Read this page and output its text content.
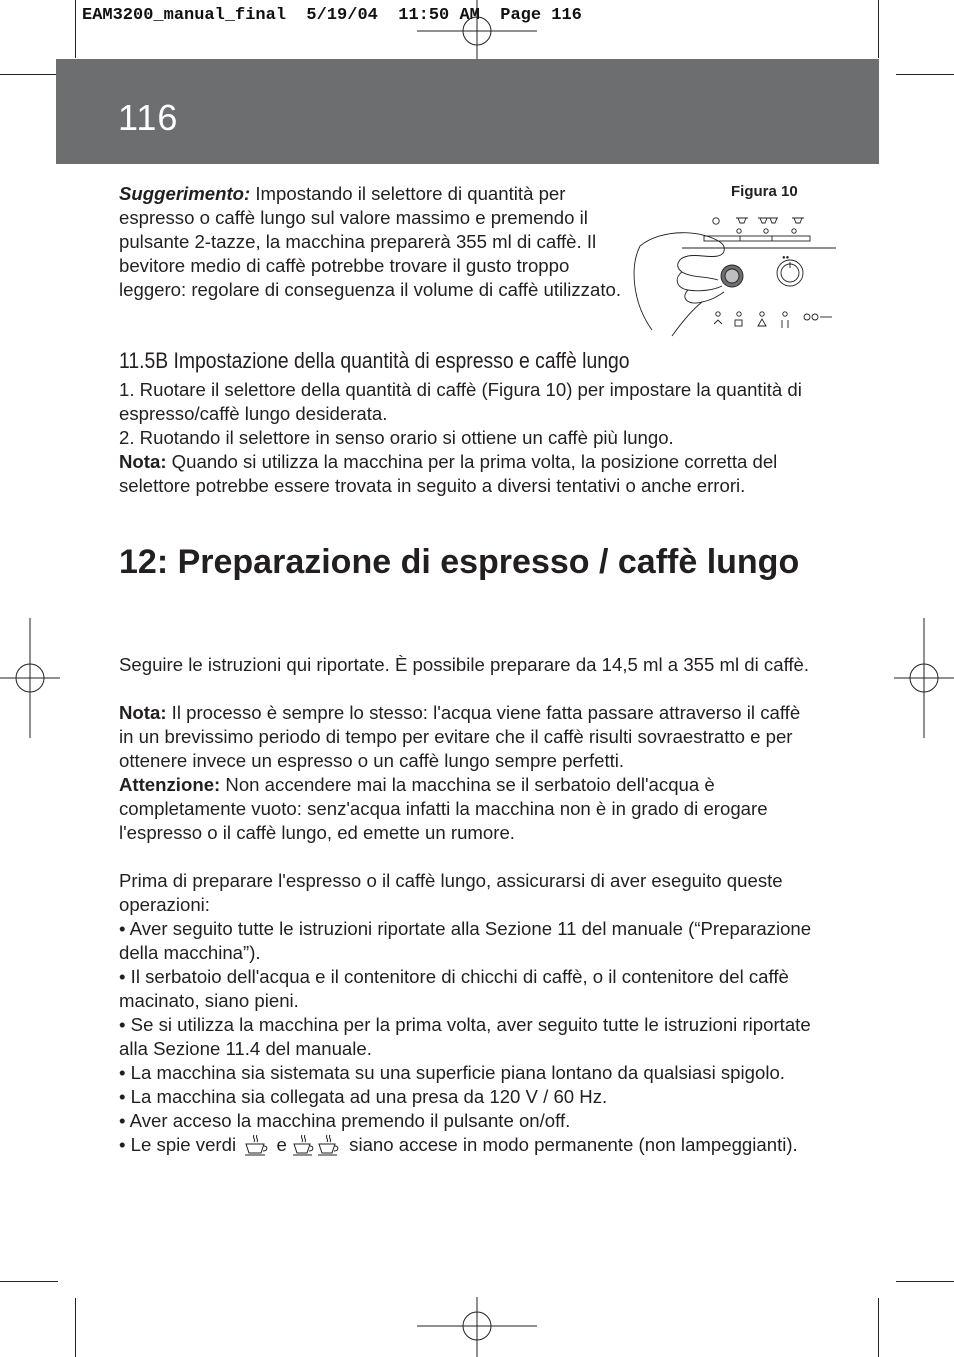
EAM3200_manual_final  5/19/04  11:50 AM  Page 116
116

Suggerimento: Impostando il selettore di quantità per espresso o caffè lungo sul valore massimo e premendo il pulsante 2-tazze, la macchina preparerà 355 ml di caffè. Il bevitore medio di caffè potrebbe trovare il gusto troppo leggero: regolare di conseguenza il volume di caffè utilizzato.

Figura 10
●●
11.5B Impostazione della quantità di espresso e caffè lungo

1. Ruotare il selettore della quantità di caffè (Figura 10) per impostare la quantità di espresso/caffè lungo desiderata.

2. Ruotando il selettore in senso orario si ottiene un caffè più lungo.

Nota: Quando si utilizza la macchina per la prima volta, la posizione corretta del selettore potrebbe essere trovata in seguito a diversi tentativi o anche errori.

12: Preparazione di espresso / caffè lungo

Seguire le istruzioni qui riportate. È possibile preparare da 14,5 ml a 355 ml di caffè.

Nota: Il processo è sempre lo stesso: l'acqua viene fatta passare attraverso il caffè in un brevissimo periodo di tempo per evitare che il caffè risulti sovraestratto e per ottenere invece un espresso o un caffè lungo sempre perfetti.

Attenzione: Non accendere mai la macchina se il serbatoio dell'acqua è completamente vuoto: senz'acqua infatti la macchina non è in grado di erogare l'espresso o il caffè lungo, ed emette un rumore.

Prima di preparare l'espresso o il caffè lungo, assicurarsi di aver eseguito queste operazioni:

• Aver seguito tutte le istruzioni riportate alla Sezione 11 del manuale (“Preparazione della macchina”).

• Il serbatoio dell'acqua e il contenitore di chicchi di caffè, o il contenitore del caffè macinato, siano pieni.

• Se si utilizza la macchina per la prima volta, aver seguito tutte le istruzioni riportate alla Sezione 11.4 del manuale.

• La macchina sia sistemata su una superficie piana lontano da qualsiasi spigolo.

• La macchina sia collegata ad una presa da 120 V / 60 Hz.

• Aver acceso la macchina premendo il pulsante on/off.

• Le spie verdi  e	siano accese in modo permanente (non lampeggianti).
